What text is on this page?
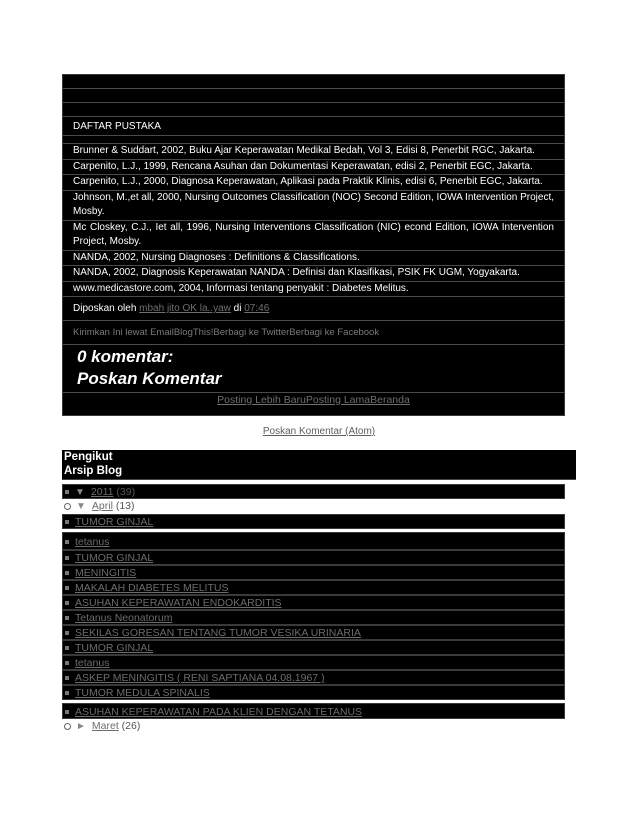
DAFTAR PUSTAKA
Brunner & Suddart, 2002, Buku Ajar Keperawatan Medikal Bedah, Vol 3, Edisi 8, Penerbit RGC, Jakarta.
Carpenito, L.J., 1999, Rencana Asuhan dan Dokumentasi Keperawatan, edisi 2, Penerbit EGC, Jakarta.
Carpenito, L.J., 2000, Diagnosa Keperawatan, Aplikasi pada Praktik Klinis, edisi 6, Penerbit EGC, Jakarta.
Johnson, M.,et all, 2000, Nursing Outcomes Classification (NOC) Second Edition, IOWA Intervention Project, Mosby.
Mc Closkey, C.J., Iet all, 1996, Nursing Interventions Classification (NIC) econd Edition, IOWA Intervention Project, Mosby.
NANDA, 2002, Nursing Diagnoses : Definitions & Classifications.
NANDA, 2002, Diagnosis Keperawatan NANDA : Definisi dan Klasifikasi, PSIK FK UGM, Yogyakarta.
www.medicastore.com, 2004, Informasi tentang penyakit : Diabetes Melitus.
Diposkan oleh mbah jito OK la..yaw di 07:46
Kirimkan Ini lewat EmailBlogThis!Berbagi ke TwitterBerbagi ke Facebook
0 komentar:
Poskan Komentar
Posting Lebih BaruPosting LamaBeranda
Poskan Komentar (Atom)
Pengikut
Arsip Blog
▼ 2011 (39)
▼ April (13)
TUMOR GINJAL
tetanus
TUMOR GINJAL
MENINGITIS
MAKALAH DIABETES MELITUS
ASUHAN KEPERAWATAN ENDOKARDITIS
Tetanus Neonatorum
SEKILAS GORESAN TENTANG TUMOR VESIKA URINARIA
TUMOR GINJAL
tetanus
ASKEP MENINGITIS ( RENI SAPTIANA 04.08.1967 )
TUMOR MEDULA SPINALIS
ASUHAN KEPERAWATAN PADA KLIEN DENGAN TETANUS
► Maret (26)
